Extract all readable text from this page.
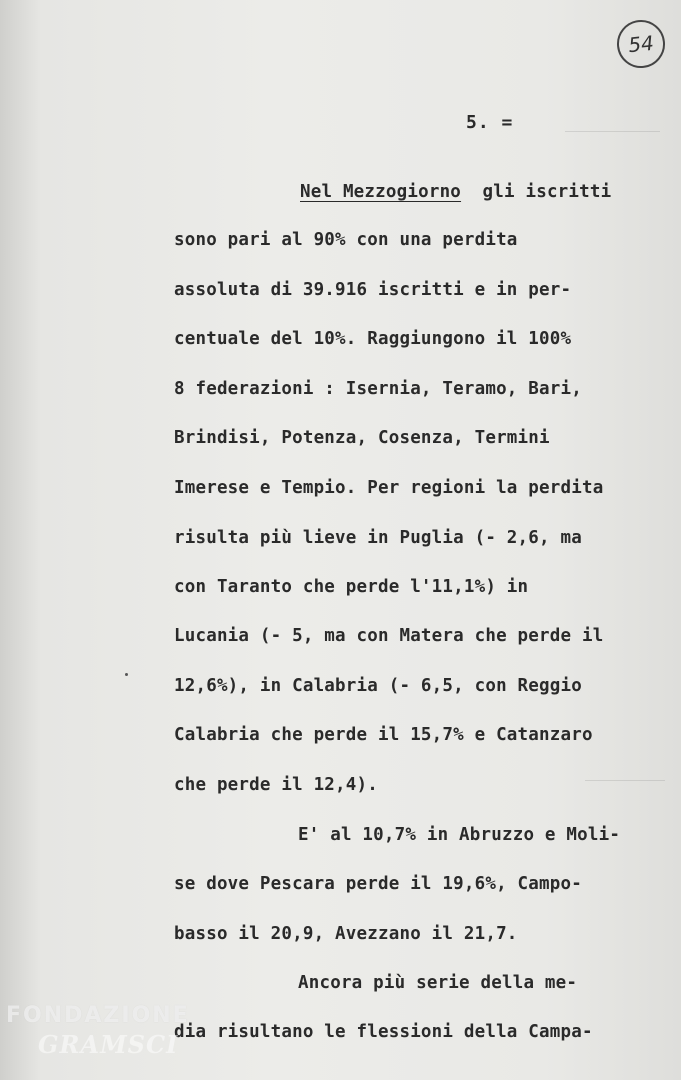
54
5. =
Nel Mezzogiorno gli iscritti
sono pari al 90% con una perdita
assoluta di 39.916 iscritti e in per-
centuale del 10%. Raggiungono il 100%
8 federazioni : Isernia, Teramo, Bari,
Brindisi, Potenza, Cosenza, Termini
Imerese e Tempio. Per regioni la perdita
risulta più lieve in Puglia (- 2,6, ma
con Taranto che perde l'11,1%) in
Lucania (- 5, ma con Matera che perde il
12,6%), in Calabria (- 6,5, con Reggio
Calabria che perde il 15,7% e Catanzaro
che perde il 12,4).
E' al 10,7% in Abruzzo e Moli-
se dove Pescara perde il 19,6%, Campo-
basso il 20,9, Avezzano il 21,7.
Ancora più serie della me-
dia risultano le flessioni della Campa-
FONDAZIONE
GRAMSCI
